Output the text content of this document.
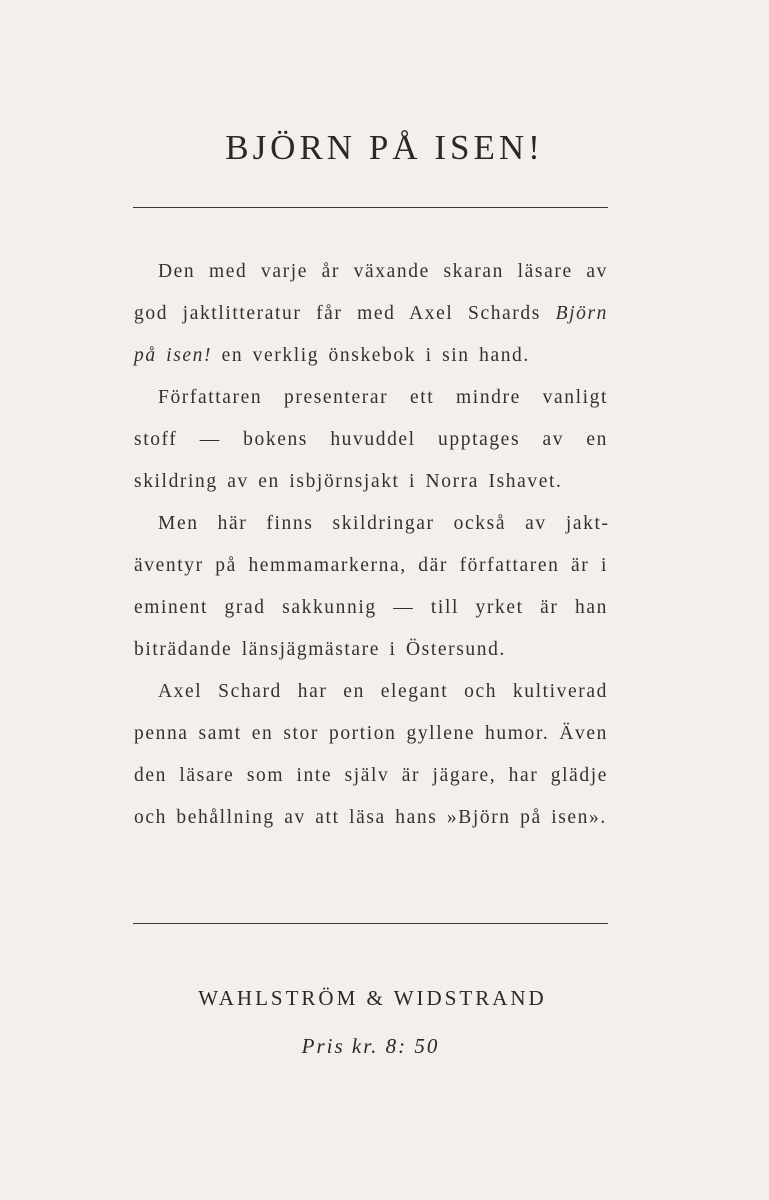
BJÖRN PÅ ISEN!

Den med varje år växande skaran läsare av god jaktlitteratur får med Axel Schards Björn på isen! en verklig önskebok i sin hand.

Författaren presenterar ett mindre vanligt stoff — bokens huvuddel upptages av en skildring av en isbjörnsjakt i Norra Ishavet.

Men här finns skildringar också av jaktäventyr på hemmamarkerna, där författaren är i eminent grad sakkunnig — till yrket är han biträdande länsjägmästare i Östersund.

Axel Schard har en elegant och kultiverad penna samt en stor portion gyllene humor. Även den läsare som inte själv är jägare, har glädje och behållning av att läsa hans »Björn på isen».

WAHLSTRÖM & WIDSTRAND

Pris kr. 8: 50
